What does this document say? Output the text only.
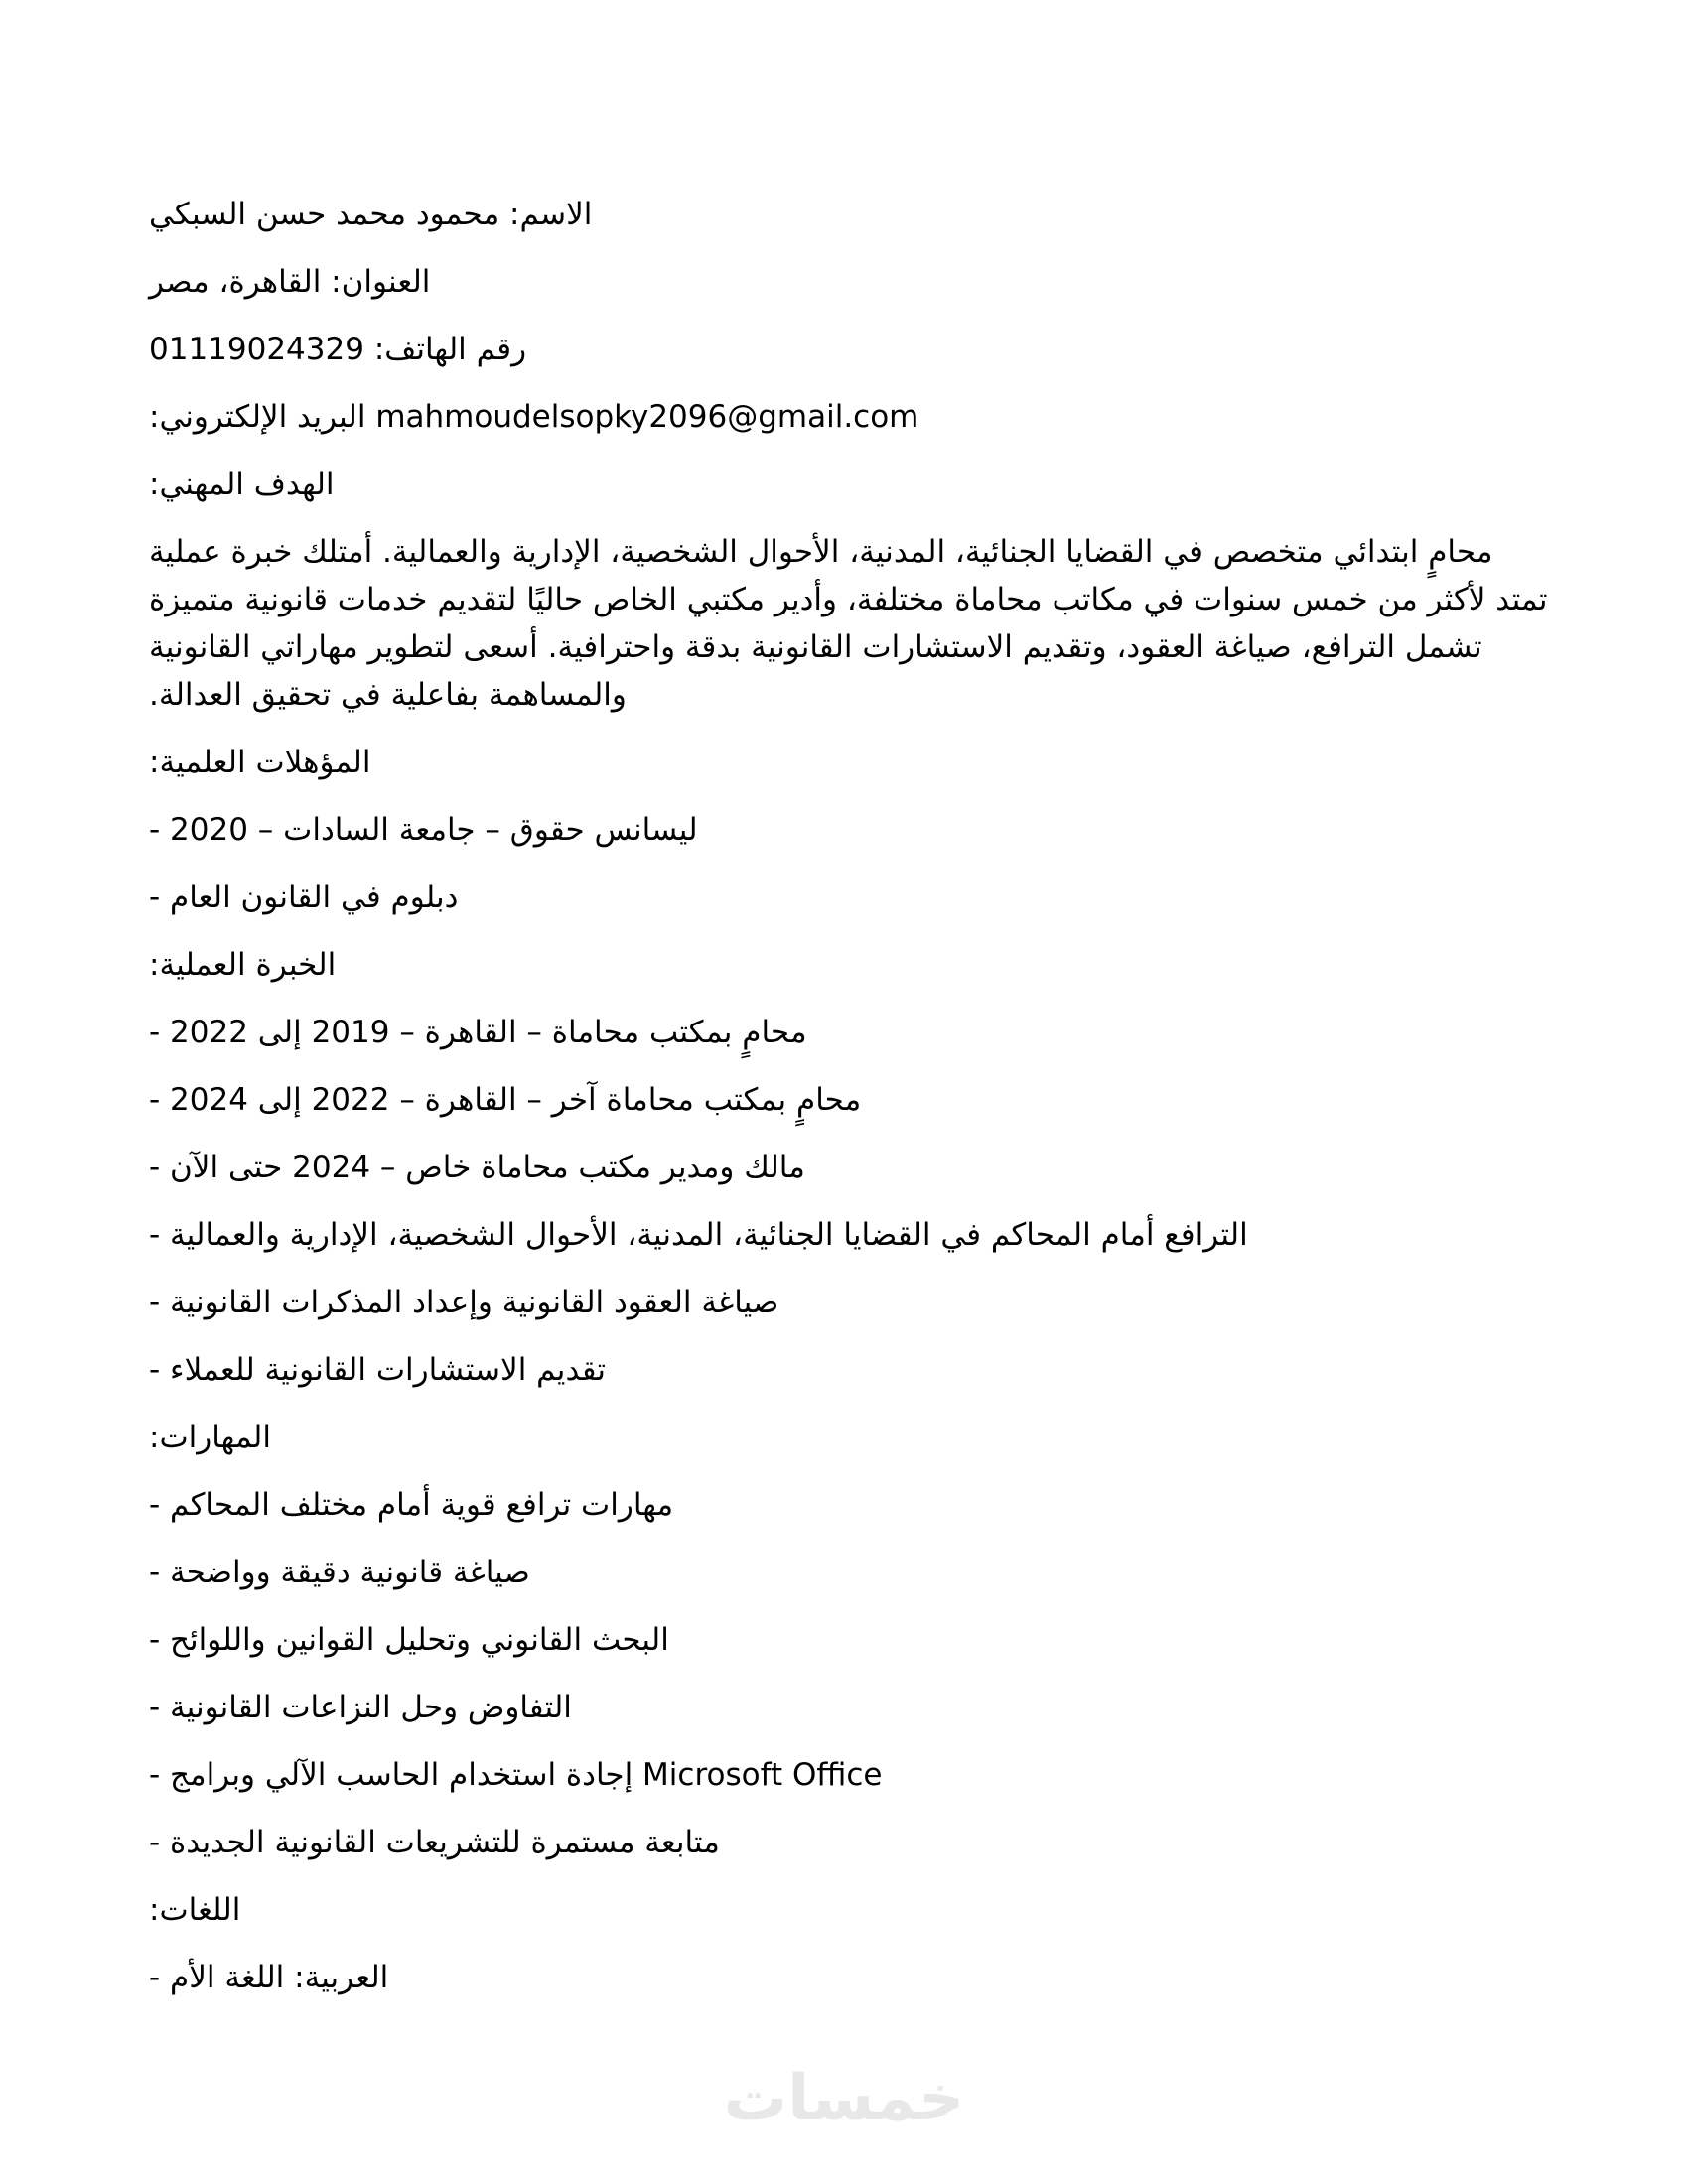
الاسم: محمود محمد حسن السبكي
العنوان: القاهرة، مصر
رقم الهاتف: 01119024329
البريد الإلكتروني: mahmoudelsopky2096@gmail.com
الهدف المهني:
محامٍ ابتدائي متخصص في القضايا الجنائية، المدنية، الأحوال الشخصية، الإدارية والعمالية. أمتلك خبرة عملية تمتد لأكثر من خمس سنوات في مكاتب محاماة مختلفة، وأدير مكتبي الخاص حاليًا لتقديم خدمات قانونية متميزة تشمل الترافع، صياغة العقود، وتقديم الاستشارات القانونية بدقة واحترافية. أسعى لتطوير مهاراتي القانونية والمساهمة بفاعلية في تحقيق العدالة.
المؤهلات العلمية:
ليسانس حقوق – جامعة السادات – 2020 -
دبلوم في القانون العام -
الخبرة العملية:
محامٍ بمكتب محاماة – القاهرة – 2019 إلى 2022 -
محامٍ بمكتب محاماة آخر – القاهرة – 2022 إلى 2024 -
مالك ومدير مكتب محاماة خاص – 2024 حتى الآن -
الترافع أمام المحاكم في القضايا الجنائية، المدنية، الأحوال الشخصية، الإدارية والعمالية -
صياغة العقود القانونية وإعداد المذكرات القانونية -
تقديم الاستشارات القانونية للعملاء -
المهارات:
مهارات ترافع قوية أمام مختلف المحاكم -
صياغة قانونية دقيقة وواضحة -
البحث القانوني وتحليل القوانين واللوائح -
التفاوض وحل النزاعات القانونية -
- إجادة استخدام الحاسب الآلي وبرامج Microsoft Office
متابعة مستمرة للتشريعات القانونية الجديدة -
اللغات:
العربية: اللغة الأم -
خمسات
